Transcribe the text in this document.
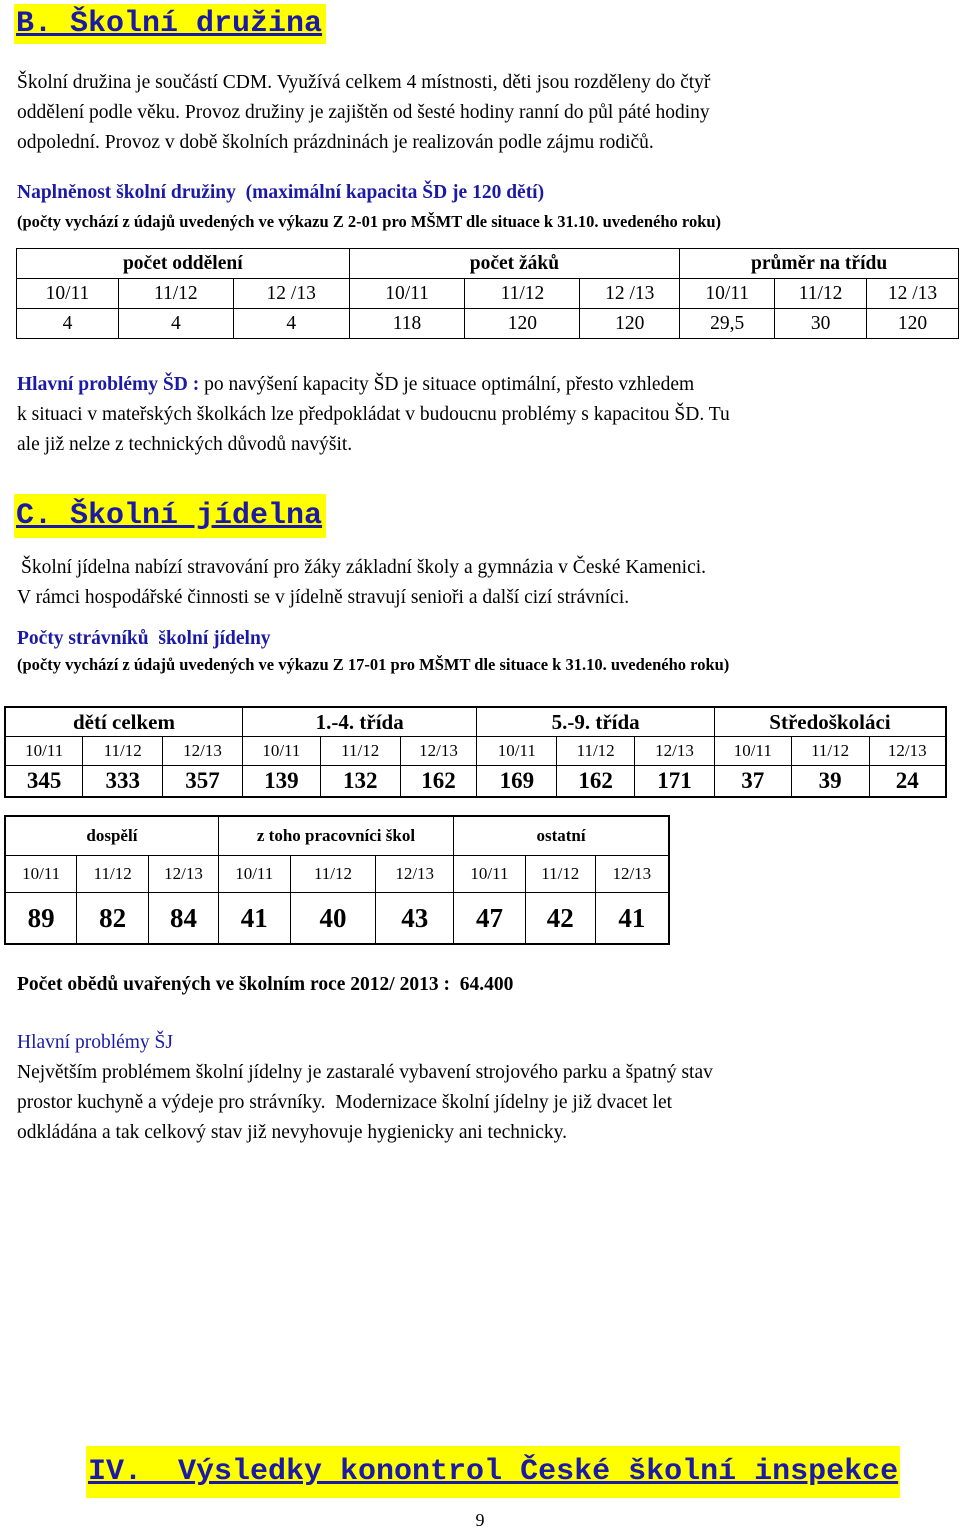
B. Školní družina

Školní družina je součástí CDM. Využívá celkem 4 místnosti, děti jsou rozděleny do čtyř

oddělení podle věku. Provoz družiny je zajištěn od šesté hodiny ranní do půl páté hodiny

odpolední. Provoz v době školních prázdninách je realizován podle zájmu rodičů.

Naplněnost školní družiny (maximální kapacita ŠD je 120 dětí)
(počty vychází z údajů uvedených ve výkazu Z 2-01 pro MŠMT dle situace k 31.10. uvedeného roku)
počet oddělení			počet žáků			průměr na třídu		
10/11	11/12	12 /13	10/11	11/12	12 /13	10/11	11/12	12 /13
4	4	4	118	120	120	29,5	30	120

Hlavní problémy ŠD : po navýšení kapacity ŠD je situace optimální, přesto vzhledem

k situaci v mateřských školkách lze předpokládat v budoucnu problémy s kapacitou ŠD. Tu

ale již nelze z technických důvodů navýšit.

C. Školní jídelna

Školní jídelna nabízí stravování pro žáky základní školy a gymnázia v České Kamenici.

V rámci hospodářské činnosti se v jídelně stravují senioři a další cizí strávníci.

Počty strávníků  školní jídelny
(počty vychází z údajů uvedených ve výkazu Z 17-01 pro MŠMT dle situace k 31.10. uvedeného roku)
dětí celkem			1.-4. třída			5.-9. třída			Středoškoláci		
10/11	11/12	12/13	10/11	11/12	12/13	10/11	11/12	12/13	10/11	11/12	12/13
345	333	357	139	132	162	169	162	171	37	39	24
dospělí			z toho pracovníci škol			ostatní		
10/11	11/12	12/13	10/11	11/12	12/13	10/11	11/12	12/13
89	82	84	41	40	43	47	42	41
Počet obědů uvařených ve školním roce 2012/ 2013 :  64.400
Hlavní problémy ŠJ

Největším problémem školní jídelny je zastaralé vybavení strojového parku a špatný stav

prostor kuchyně a výdeje pro strávníky.  Modernizace školní jídelny je již dvacet let

odkládána a tak celkový stav již nevyhovuje hygienicky ani technicky.

IV.  Výsledky konontrol České školní inspekce
9
